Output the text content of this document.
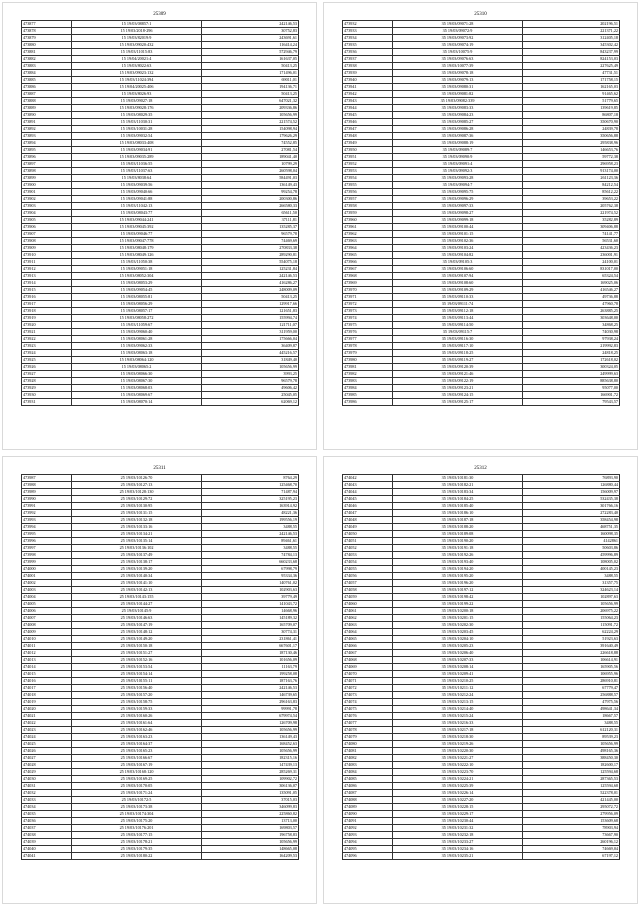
25309
473877	15 19/03/08857:1	242146,53
473878	15 19/03/2018-296	30752,83
473879	15 19/03/82019:9	243691,61
473880	15 19/03/09020:432	116414,24
473881	15 19/03/11015:83	572946,79
473882	15 19/04/20021:4	161637,05
473883	15 19/03/8022:63	50413,25
473884	15 19/03/09023:132	171496,01
473885	15 19/03/11024:394	69011,01
473886	15 19/04/20025:406	194136,71
473887	15 19/03/8026:93	50413,25
473888	15 19/03/09027:18	647021,32
473889	15 19/03/09028:176	209336,86
473890	15 19/03/08029:35	105656,99
473891	15 19/03/11030:31	221574,52
473892	15 19/03/10031:28	154098,94
473893	15 19/03/09032:54	179626,29
473894	15 19/03/08033:408	74552,85
473895	15 19/03/09034:91	27081,54
473896	15 19/03/09035:289	189041,40
473897	15 19/03/11036:55	10799,29
473898	15 19/03/11037:63	260598,04
473899	15 19/03/8038:64	584491,03
473900	15 19/03/09039:56	136149,43
473901	15 19/03/09040:66	99254,78
473902	15 19/03/09041:88	200300,86
473903	15 19/03/11042:13	266580,33
473904	15 19/03/08043:77	65611,50
473905	15 19/03/09044:241	37111,81
473906	15 19/03/09045:392	135285,37
473907	15 19/03/09046:77	96579,78
473908	15 19/03/09047:778	74469,69
473909	15 19/03/08048:179	270833,38
473910	15 19/03/08049:126	289290,81
473911	15 19/03/11050:38	554075,18
473912	15 19/03/09051:18	125231,84
473913	15 19/03/08052:304	242146,53
473914	15 19/03/08053:29	416286,27
473915	15 19/03/09054:45	248009,09
473916	15 19/03/08055:81	50413,25
473917	15 19/03/08056:29	129917,66
473918	15 19/03/08057:17	121651,83
473919	15 19/03/08058:272	155994,74
473920	15 19/03/11059:67	121711,07
473921	15 19/03/09060:40	311959,00
473922	15 19/03/08061:28	175666,04
473923	15 19/03/09062:33	36409,87
473924	15 19/03/08063:18	445216,57
473925	15 19/03/08064:120	31849,40
473926	15 19/03/08065:2	105656,99
473927	15 19/03/08066:30	3993,25
473928	15 19/03/08067:30	96579,78
473929	15 19/03/08068:03	49606,42
473930	15 19/03/08069:67	25045,05
473931	15 19/03/08070:14	62069,12
25310
473932	35 19/03/09071:28	202196,51
473933	35 19/03/09072:9	221371,22
473934	35 19/03/09073:92	312405,18
473935	35 19/03/09074:19	345302,42
473936	35 19/03/10075:9	843237,99
473937	35 19/03/09076:63	824153,03
473938	35 19/03/10077:39	227625,49
473939	35 19/03/09078:18	47731,51
473940	35 19/03/09079:13	171758,15
473941	35 19/03/09080:31	162165,03
473942	35 19/03/09081:82	91465,62
473943	35 19/03/09082:339	51779,65
473944	35 19/03/09083:33	139619,85
473945	35 19/03/09084:23	86807,18
473946	35 19/03/09085:27	350670,90
473947	35 19/03/09086:28	24839,78
473948	35 19/03/09087:36	350656,88
473949	35 19/03/09088:19	295838,96
473950	35 19/03/09089:7	146653,76
473951	35 19/03/09090:9	59772,38
473952	35 19/03/09091:4	296958,23
473953	35 19/03/09092:3	913174,00
473954	35 19/03/09093:28	261123,36
473955	35 19/03/09094:7	84212,54
473956	35 19/03/09095:75	85612,22
473957	35 19/03/09096:29	39653,22
473958	35 19/03/09097:33	205762,38
473959	35 19/03/09098:27	221974,52
473960	35 19/03/09099:18	35282,89
473961	35 19/03/09100:44	309406,88
473962	35 19/03/09101:15	74141,77
473963	35 19/03/09102:36	56531,60
473964	35 19/03/09103:24	423436,23
473965	35 19/03/09104:82	236001,91
473966	35 19/03/09105:3	24100,01
473967	35 19/03/09106:60	831017,00
473968	35 19/03/09107:94	65324,54
473969	35 19/03/09108:60	169025,06
473970	35 19/03/09109:29	416546,27
473971	35 19/03/09110:33	49736,88
473972	35 19/03/09111:74	47960,78
473973	35 19/03/09112:18	263885,25
473974	35 19/03/09113:44	303648,00
473975	35 19/03/09114:50	34868,25
473976	35 19/03/09115:7	74030,98
473977	35 19/03/09116:30	97938,24
473978	35 19/03/09117:10	219992,83
473979	35 19/03/09118:25	24818,25
473980	35 19/03/09119:27	172618,02
473981	35 19/03/09120:39	300324,05
473982	35 19/03/09121:46	249999,63
473983	35 19/03/09122:19	885638,80
473984	35 19/03/09123:21	95077,00
473985	35 19/03/09124:15	166901,72
473986	35 19/03/09125:17	79543,57
25311
473987	25 19/03/10126:70	8764,29
473988	25 19/03/10127:13	125468,70
473989	25 19/03/10128:130	71487,94
473990	25 19/03/10129:72	325195,23
473991	25 19/03/10130:95	163914,92
473992	25 19/03/10131:15	48221,36
473993	25 19/03/10132:18	199556,19
473994	25 19/03/10133:16	3488,55
473995	25 19/03/10134:21	242146,53
473996	25 19/03/10135:14	89461,61
473997	25 19/03/10136:102	3488,55
473998	25 19/03/10137:49	74784,13
473999	25 19/03/10138:17	660233,68
474000	25 19/03/10139:20	67998,79
474001	25 19/03/10140:34	95334,36
474002	25 19/03/10141:10	140761,02
474003	25 19/03/10142:13	102903,63
474004	25 19/03/10143:155	39779,49
474005	25 19/03/10144:27	141043,72
474006	25 19/03/10145:9	14668,96
474007	25 19/03/10146:63	145189,32
474008	25 19/03/10147:19	165709,07
474009	25 19/03/10148:12	30774,31
474010	25 19/03/10149:20	231861,41
474011	25 19/03/10150:18	667601,17
474012	25 19/03/10151:27	187130,46
474013	25 19/03/10152:16	101656,09
474014	25 19/03/10153:54	11163,79
474015	25 19/03/10154:14	199258,08
474016	25 19/03/10155:11	187163,76
474017	25 19/03/10156:40	242146,53
474018	25 19/03/10157:20	146739,65
474019	25 19/03/10158:75	296163,83
474020	25 19/03/10159:33	99991,78
474021	25 19/03/10160:26	679974,54
474022	25 19/03/10161:64	126709,98
474023	25 19/03/10162:46	105656,99
474024	25 19/03/10163:23	136149,43
474025	25 19/03/10164:37	168452,63
474026	25 19/03/10165:23	105656,99
474027	25 19/03/10166:67	182315,16
474028	25 19/03/10167:19	147439,13
474029	25 19/03/10168:120	285269,31
474030	25 19/03/10169:25	109902,72
474031	25 19/03/10170:05	306136,07
474032	25 19/03/10171:24	135091,05
474033	25 19/03/10172:5	37015,03
474034	25 19/03/10173:38	346099,83
474035	25 19/03/10174:304	225860,82
474036	25 19/03/10175:20	13713,00
474037	25 19/03/10176:201	169803,57
474038	25 19/03/10177:15	196758,83
474039	25 19/03/10178:21	105656,99
474040	25 19/03/10179:35	148665,08
474041	25 19/03/10180:22	164209,53
25312
474042	35 19/03/10181:30	76893,90
474043	35 19/03/10182:21	126880,44
474044	35 19/03/10183:34	156009,97
474045	35 19/03/10184:25	532435,38
474046	35 19/03/10185:40	301766,16
474047	35 19/03/10186:10	272283,40
474048	35 19/03/10187:18	358454,98
474049	35 19/03/10188:20	468751,35
474050	35 19/03/10189:08	160098,35
474051	35 19/03/10190:20	4142861
474052	35 19/03/10191:18	50603,86
474053	35 19/03/10192:26	459996,89
474054	35 19/03/10193:40	108005,02
474055	35 19/03/10194:20	400145,23
474056	35 19/03/10195:20	3488,55
474057	35 19/03/10196:20	31357,75
474058	35 19/03/10197:12	324623,14
474059	35 19/03/10198:42	102897,63
474060	35 19/03/10199:22	105656,99
474061	35 19/03/10200:18	206975,22
474062	35 19/03/10201:15	155064,23
474063	35 19/03/10202:30	115091,72
474064	35 19/03/10203:45	62224,29
474065	35 19/03/10204:10	51923,63
474066	35 19/03/10205:23	391640,49
474067	35 19/03/10206:40	226618,88
474068	35 19/03/10207:33	106614,91
474069	35 19/03/10208:14	165905,56
474070	35 19/03/10209:41	106955,96
474071	35 19/03/10210:25	286910,81
474072	35 19/03/10211:12	67779,47
474073	35 19/03/10212:24	256888,57
474074	35 19/03/10213:15	47975,56
474075	35 19/03/10214:40	498641,34
474076	35 19/03/10215:24	18667,57
474077	35 19/03/10216:33	3488,55
474078	35 19/03/10217:18	612120,31
474079	35 19/03/10218:30	89539,23
474080	35 19/03/10219:26	105656,99
474081	35 19/03/10220:30	498165,36
474082	35 19/03/10221:27	388450,30
474083	35 19/03/10222:10	182600,17
474084	35 19/03/10223:70	125594,68
474085	35 19/03/10224:21	287365,53
474086	35 19/03/10225:39	125594,68
474087	35 19/03/10226:14	522378,01
474088	35 19/03/10227:20	421445,00
474089	35 19/03/10228:15	295072,72
474090	35 19/03/10229:17	279956,09
474091	35 19/03/10230:44	153609,68
474092	35 19/03/10231:32	78903,94
474093	35 19/03/10232:18	73667,90
474094	35 19/03/10233:27	260196,12
474095	35 19/03/10234:16	74669,04
474096	35 19/03/10235:21	67197,12
